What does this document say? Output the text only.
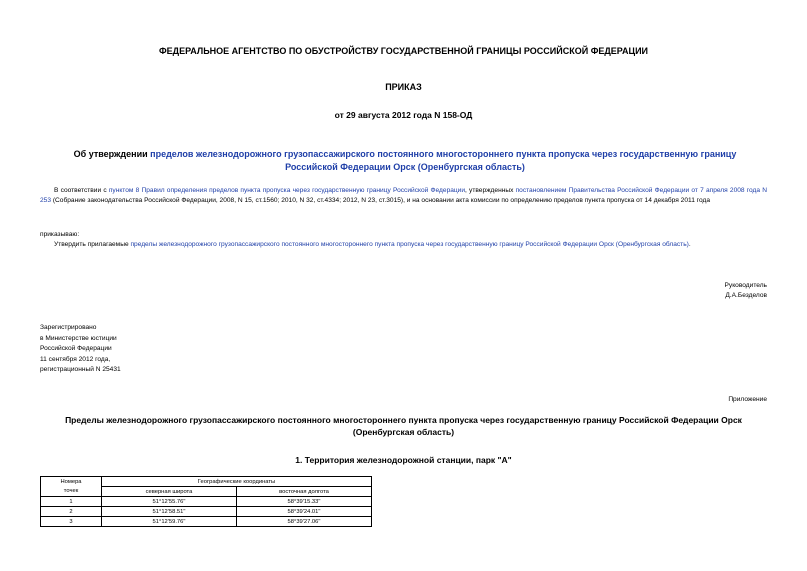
ФЕДЕРАЛЬНОЕ АГЕНТСТВО ПО ОБУСТРОЙСТВУ ГОСУДАРСТВЕННОЙ ГРАНИЦЫ РОССИЙСКОЙ ФЕДЕРАЦИИ
ПРИКАЗ
от 29 августа 2012 года N 158-ОД
Об утверждении пределов железнодорожного грузопассажирского постоянного многостороннего пункта пропуска через государственную границу Российской Федерации Орск (Оренбургская область)
В соответствии с пунктом 8 Правил определения пределов пункта пропуска через государственную границу Российской Федерации, утвержденных постановлением Правительства Российской Федерации от 7 апреля 2008 года N 253 (Собрание законодательства Российской Федерации, 2008, N 15, ст.1560; 2010, N 32, ст.4334; 2012, N 23, ст.3015), и на основании акта комиссии по определению пределов пункта пропуска от 14 декабря 2011 года
приказываю:
Утвердить прилагаемые пределы железнодорожного грузопассажирского постоянного многостороннего пункта пропуска через государственную границу Российской Федерации Орск (Оренбургская область).
Руководитель
Д.А.Безделов
Зарегистрировано
в Министерстве юстиции
Российской Федерации
11 сентября 2012 года,
регистрационный N 25431
Приложение
Пределы железнодорожного грузопассажирского постоянного многостороннего пункта пропуска через государственную границу Российской Федерации Орск (Оренбургская область)
1. Территория железнодорожной станции, парк "А"
Номера	Географические координаты	
точек	северная широта	восточная долгота
1	51°12'55.76"	58°39'15.33"
2	51°12'58.51"	58°39'24.01"
3	51°12'59.76"	58°39'27.06"
